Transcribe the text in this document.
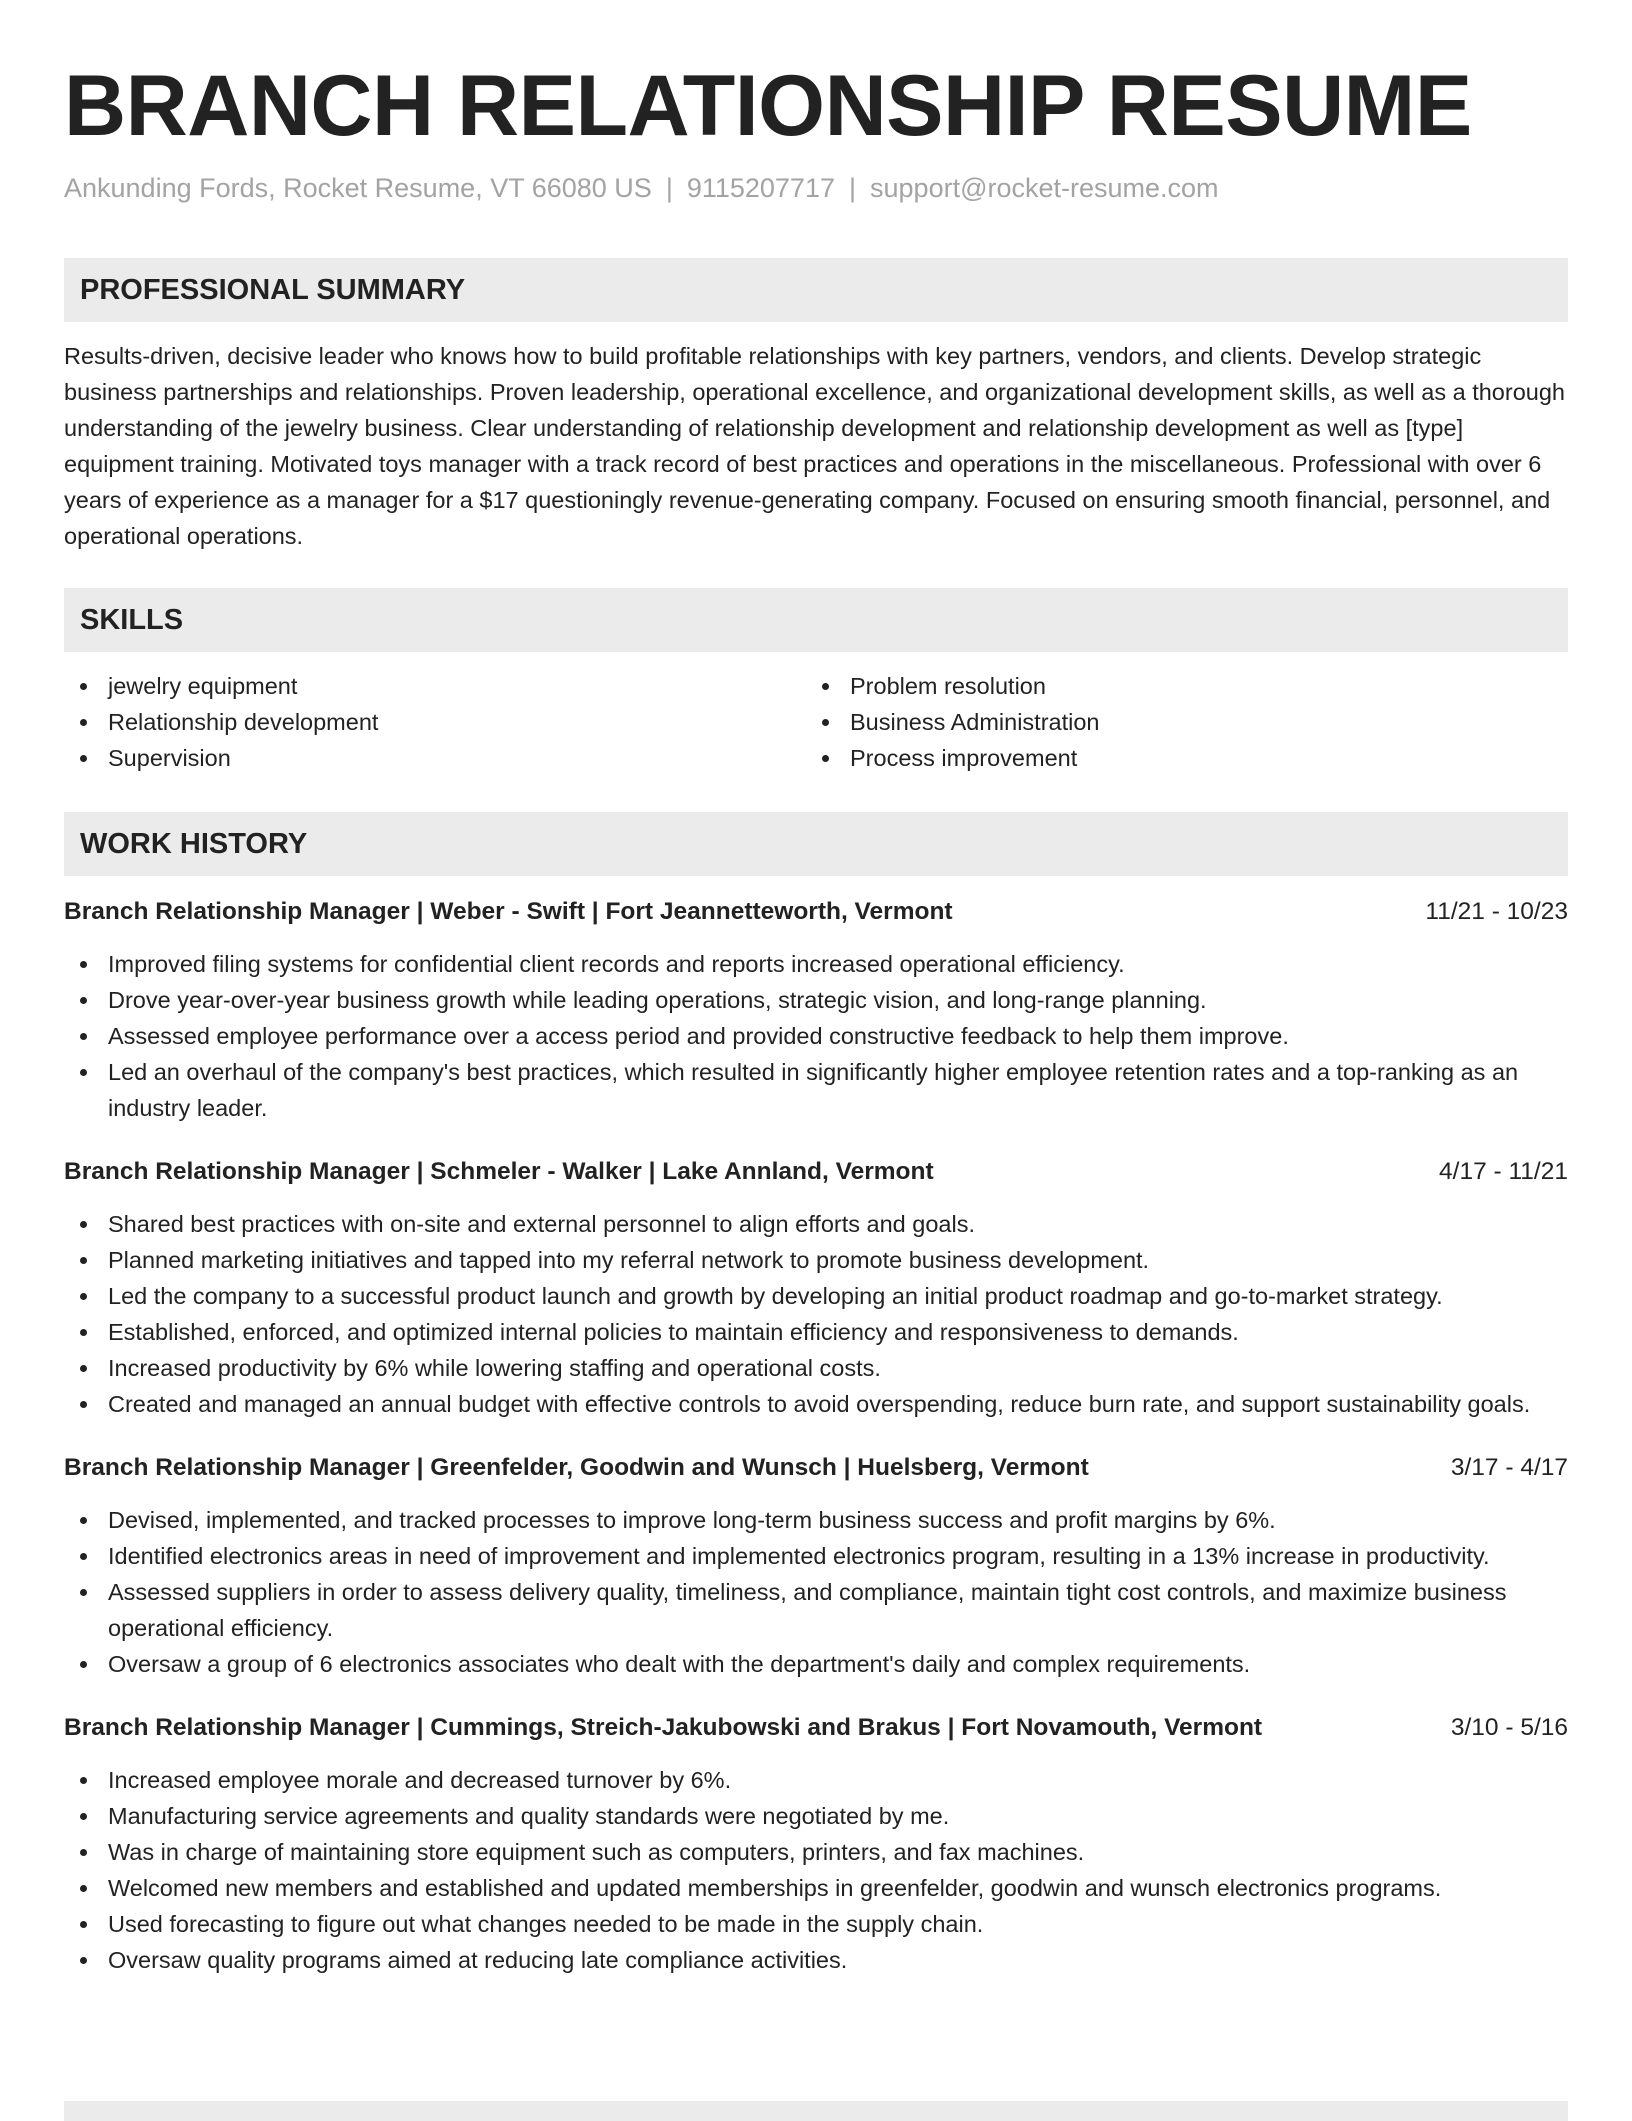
BRANCH RELATIONSHIP RESUME
Ankunding Fords, Rocket Resume, VT 66080 US | 9115207717 | support@rocket-resume.com
PROFESSIONAL SUMMARY
Results-driven, decisive leader who knows how to build profitable relationships with key partners, vendors, and clients. Develop strategic business partnerships and relationships. Proven leadership, operational excellence, and organizational development skills, as well as a thorough understanding of the jewelry business. Clear understanding of relationship development and relationship development as well as [type] equipment training. Motivated toys manager with a track record of best practices and operations in the miscellaneous. Professional with over 6 years of experience as a manager for a $17 questioningly revenue-generating company. Focused on ensuring smooth financial, personnel, and operational operations.
SKILLS
jewelry equipment
Relationship development
Supervision
Problem resolution
Business Administration
Process improvement
WORK HISTORY
Branch Relationship Manager | Weber - Swift | Fort Jeannetteworth, Vermont	11/21 - 10/23
Improved filing systems for confidential client records and reports increased operational efficiency.
Drove year-over-year business growth while leading operations, strategic vision, and long-range planning.
Assessed employee performance over a access period and provided constructive feedback to help them improve.
Led an overhaul of the company's best practices, which resulted in significantly higher employee retention rates and a top-ranking as an industry leader.
Branch Relationship Manager | Schmeler - Walker | Lake Annland, Vermont	4/17 - 11/21
Shared best practices with on-site and external personnel to align efforts and goals.
Planned marketing initiatives and tapped into my referral network to promote business development.
Led the company to a successful product launch and growth by developing an initial product roadmap and go-to-market strategy.
Established, enforced, and optimized internal policies to maintain efficiency and responsiveness to demands.
Increased productivity by 6% while lowering staffing and operational costs.
Created and managed an annual budget with effective controls to avoid overspending, reduce burn rate, and support sustainability goals.
Branch Relationship Manager | Greenfelder, Goodwin and Wunsch | Huelsberg, Vermont	3/17 - 4/17
Devised, implemented, and tracked processes to improve long-term business success and profit margins by 6%.
Identified electronics areas in need of improvement and implemented electronics program, resulting in a 13% increase in productivity.
Assessed suppliers in order to assess delivery quality, timeliness, and compliance, maintain tight cost controls, and maximize business operational efficiency.
Oversaw a group of 6 electronics associates who dealt with the department's daily and complex requirements.
Branch Relationship Manager | Cummings, Streich-Jakubowski and Brakus | Fort Novamouth, Vermont	3/10 - 5/16
Increased employee morale and decreased turnover by 6%.
Manufacturing service agreements and quality standards were negotiated by me.
Was in charge of maintaining store equipment such as computers, printers, and fax machines.
Welcomed new members and established and updated memberships in greenfelder, goodwin and wunsch electronics programs.
Used forecasting to figure out what changes needed to be made in the supply chain.
Oversaw quality programs aimed at reducing late compliance activities.
